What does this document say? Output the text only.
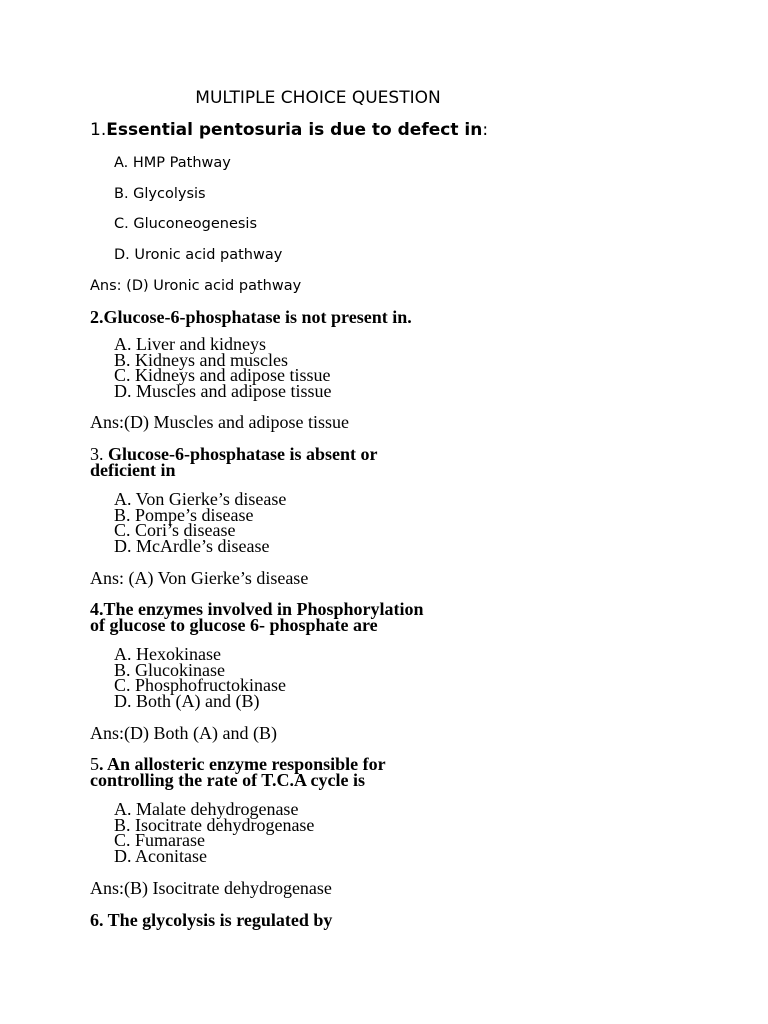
MULTIPLE CHOICE QUESTION
1.Essential pentosuria is due to defect in:
A. HMP Pathway
B. Glycolysis
C. Gluconeogenesis
D. Uronic acid pathway
Ans: (D) Uronic acid pathway
2.Glucose-6-phosphatase is not present in.
A. Liver and kidneys
B. Kidneys and muscles
C. Kidneys and adipose tissue
D. Muscles and adipose tissue
Ans:(D) Muscles and adipose tissue
3. Glucose-6-phosphatase is absent or
deficient in
A. Von Gierke’s disease
B. Pompe’s disease
C. Cori’s disease
D. McArdle’s disease
Ans: (A) Von Gierke’s disease
4.The enzymes involved in Phosphorylation
of glucose to glucose 6- phosphate are
A. Hexokinase
B. Glucokinase
C. Phosphofructokinase
D. Both (A) and (B)
Ans:(D) Both (A) and (B)
5. An allosteric enzyme responsible for
controlling the rate of T.C.A cycle is
A. Malate dehydrogenase
B. Isocitrate dehydrogenase
C. Fumarase
D. Aconitase
Ans:(B) Isocitrate dehydrogenase
6. The glycolysis is regulated by
